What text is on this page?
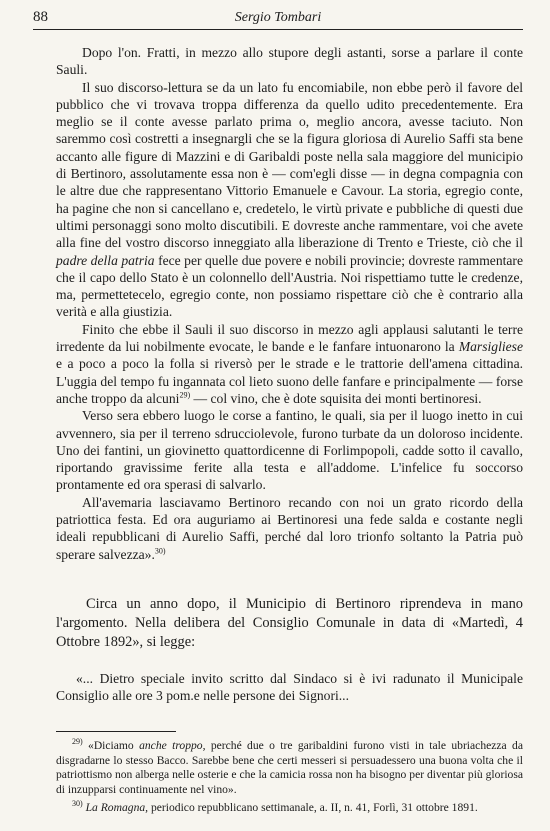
88	Sergio Tombari

Dopo l'on. Fratti, in mezzo allo stupore degli astanti, sorse a parlare il conte Sauli.

Il suo discorso-lettura se da un lato fu encomiabile, non ebbe però il favore del pubblico che vi trovava troppa differenza da quello udito precedentemente. Era meglio se il conte avesse parlato prima o, meglio ancora, avesse taciuto. Non saremmo così costretti a insegnargli che se la figura gloriosa di Aurelio Saffi sta bene accanto alle figure di Mazzini e di Garibaldi poste nella sala maggiore del municipio di Bertinoro, assolutamente essa non è — com'egli disse — in degna compagnia con le altre due che rappresentano Vittorio Emanuele e Cavour. La storia, egregio conte, ha pagine che non si cancellano e, credetelo, le virtù private e pubbliche di questi due ultimi personaggi sono molto discutibili. E dovreste anche rammentare, voi che avete alla fine del vostro discorso inneggiato alla liberazione di Trento e Trieste, ciò che il padre della patria fece per quelle due povere e nobili provincie; dovreste rammentare che il capo dello Stato è un colonnello dell'Austria. Noi rispettiamo tutte le credenze, ma, permettetecelo, egregio conte, non possiamo rispettare ciò che è contrario alla verità e alla giustizia.

Finito che ebbe il Sauli il suo discorso in mezzo agli applausi salutanti le terre irredente da lui nobilmente evocate, le bande e le fanfare intuonarono la Marsigliese e a poco a poco la folla si riversò per le strade e le trattorie dell'amena cittadina. L'uggia del tempo fu ingannata col lieto suono delle fanfare e principalmente — forse anche troppo da alcuni$^{29)}$ — col vino, che è dote squisita dei monti bertinoresi.

Verso sera ebbero luogo le corse a fantino, le quali, sia per il luogo inetto in cui avvennero, sia per il terreno sdrucciolevole, furono turbate da un doloroso incidente. Uno dei fantini, un giovinetto quattordicenne di Forlimpopoli, cadde sotto il cavallo, riportando gravissime ferite alla testa e all'addome. L'infelice fu soccorso prontamente ed ora sperasi di salvarlo.

All'avemaria lasciavamo Bertinoro recando con noi un grato ricordo della patriottica festa. Ed ora auguriamo ai Bertinoresi una fede salda e costante negli ideali repubblicani di Aurelio Saffi, perché dal loro trionfo soltanto la Patria può sperare salvezza».$^{30)}$

Circa un anno dopo, il Municipio di Bertinoro riprendeva in mano l'argomento. Nella delibera del Consiglio Comunale in data di «Martedì, 4 Ottobre 1892», si legge:

«... Dietro speciale invito scritto dal Sindaco si è ivi radunato il Municipale Consiglio alle ore 3 pom.e nelle persone dei Signori...

$^{29)}$ «Diciamo anche troppo, perché due o tre garibaldini furono visti in tale ubriachezza da disgradarne lo stesso Bacco. Sarebbe bene che certi messeri si persuadessero una buona volta che il patriottismo non alberga nelle osterie e che la camicia rossa non ha bisogno per diventar più gloriosa di inzupparsi continuamente nel vino».

$^{30)}$ La Romagna, periodico repubblicano settimanale, a. II, n. 41, Forlì, 31 ottobre 1891.
